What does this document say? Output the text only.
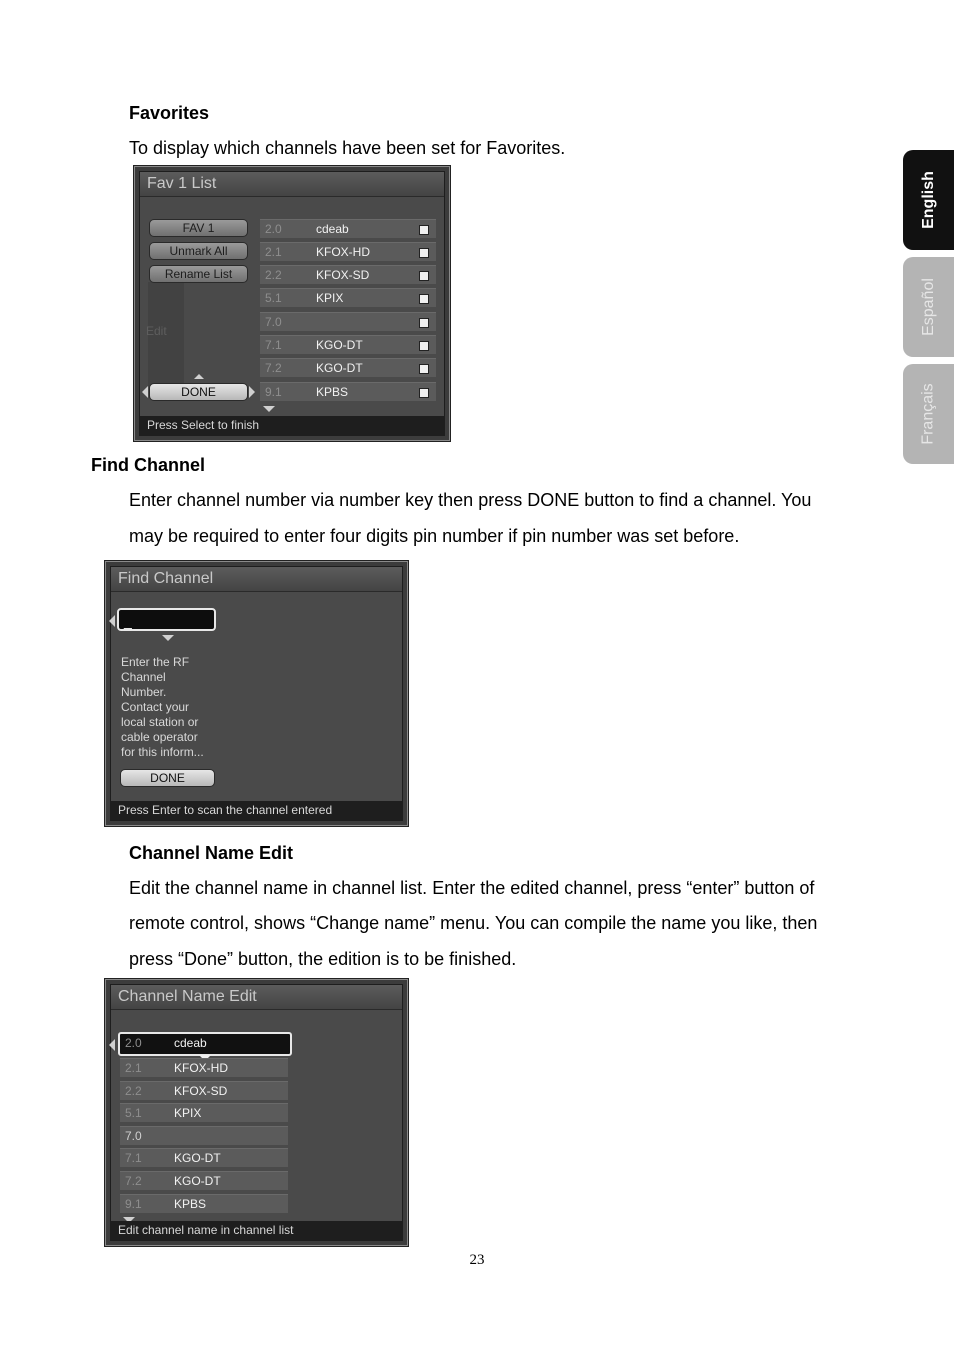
Favorites
To display which channels have been set for Favorites.
Fav 1 List
Edit
FAV 1
Unmark All
Rename List
DONE
2.0	cdeab
2.1	KFOX-HD
2.2	KFOX-SD
5.1	KPIX
7.0
7.1	KGO-DT
7.2	KGO-DT
9.1	KPBS
Press Select to finish
Find Channel
Enter channel number via number key then press DONE button to find a channel. You
may be required to enter four digits pin number if pin number was set before.
Find Channel
_
Enter the RF
Channel
Number.
Contact your
local station or
cable operator
for this inform...
DONE
Press Enter to scan the channel entered
Channel Name Edit
Edit the channel name in channel list. Enter the edited channel, press “enter” button of
remote control, shows “Change name” menu. You can compile the name you like, then
press “Done” button, the edition is to be finished.
Channel Name Edit
2.0	cdeab
2.1	KFOX-HD
2.2	KFOX-SD
5.1	KPIX
7.0
7.1	KGO-DT
7.2	KGO-DT
9.1	KPBS
Edit channel name in channel list
English
Español
Français
23
